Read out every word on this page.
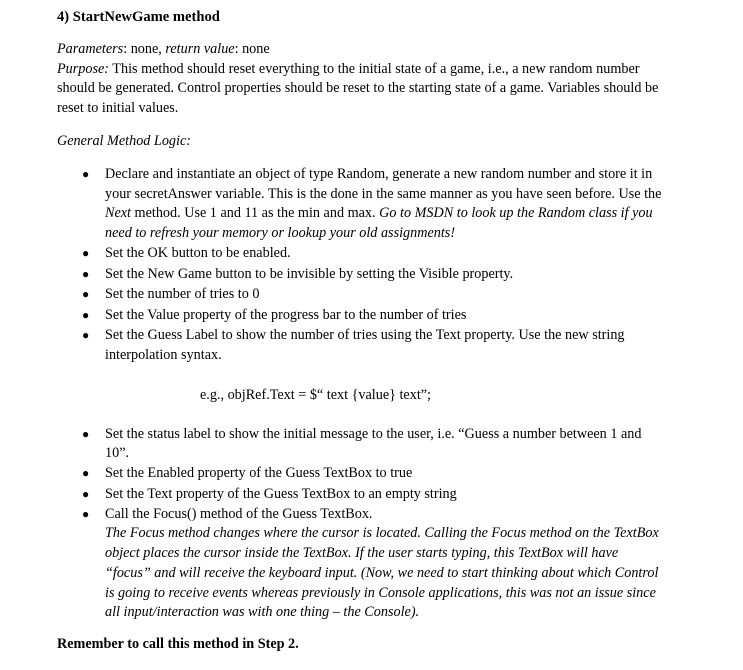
4) StartNewGame method
Parameters: none, return value: none
Purpose: This method should reset everything to the initial state of a game, i.e., a new random number
should be generated. Control properties should be reset to the starting state of a game. Variables should be
reset to initial values.
General Method Logic:
● Declare and instantiate an object of type Random, generate a new random number and store it in
your secretAnswer variable. This is the done in the same manner as you have seen before. Use the
Next method. Use 1 and 11 as the min and max. Go to MSDN to look up the Random class if you
need to refresh your memory or lookup your old assignments!
● Set the OK button to be enabled.
● Set the New Game button to be invisible by setting the Visible property.
● Set the number of tries to 0
● Set the Value property of the progress bar to the number of tries
● Set the Guess Label to show the number of tries using the Text property. Use the new string
interpolation syntax.
e.g., objRef.Text = $“ text {value} text”;
● Set the status label to show the initial message to the user, i.e. “Guess a number between 1 and
10”.
● Set the Enabled property of the Guess TextBox to true
● Set the Text property of the Guess TextBox to an empty string
● Call the Focus() method of the Guess TextBox.
The Focus method changes where the cursor is located. Calling the Focus method on the TextBox
object places the cursor inside the TextBox. If the user starts typing, this TextBox will have
“focus” and will receive the keyboard input. (Now, we need to start thinking about which Control
is going to receive events whereas previously in Console applications, this was not an issue since
all input/interaction was with one thing – the Console).
Remember to call this method in Step 2.
